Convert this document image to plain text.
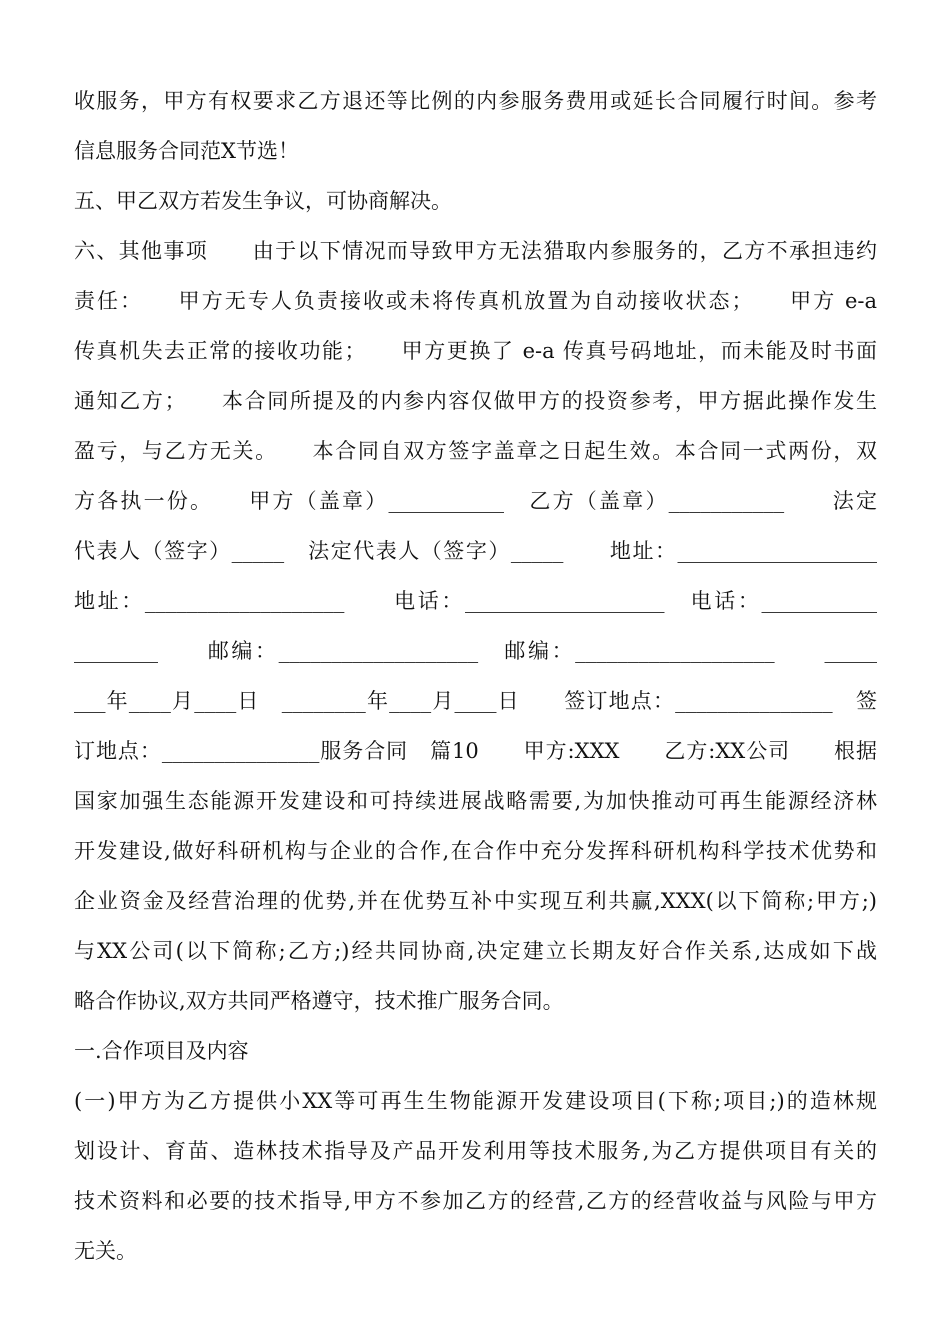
收服务，甲方有权要求乙方退还等比例的内参服务费用或延长合同履行时间。参考
信息服务合同范X节选！
五、甲乙双方若发生争议，可协商解决。
六、其他事项　　由于以下情况而导致甲方无法猎取内参服务的，乙方不承担违约
责任：　　甲方无专人负责接收或未将传真机放置为自动接收状态；　　甲方 e-a
传真机失去正常的接收功能；　　甲方更换了 e-a 传真号码地址，而未能及时书面
通知乙方；　　本合同所提及的内参内容仅做甲方的投资参考，甲方据此操作发生
盈亏，与乙方无关。　　本合同自双方签字盖章之日起生效。本合同一式两份，双
方各执一份。　　甲方（盖章）___________　乙方（盖章）___________　　法定
代表人（签字）_____　法定代表人（签字）_____　　地址：___________________
地址：___________________　　电话：___________________　电话：___________
________　　邮编：___________________　邮编：___________________　　_____
___年____月____日　________年____月____日　　签订地点：_______________　签
订地点：_______________服务合同　篇10　　甲方:XXX　　乙方:XX公司　　根据
国家加强生态能源开发建设和可持续进展战略需要,为加快推动可再生能源经济林
开发建设,做好科研机构与企业的合作,在合作中充分发挥科研机构科学技术优势和
企业资金及经营治理的优势,并在优势互补中实现互利共赢,XXX(以下简称;甲方;)
与XX公司(以下简称;乙方;)经共同协商,决定建立长期友好合作关系,达成如下战
略合作协议,双方共同严格遵守，技术推广服务合同。
一.合作项目及内容
(一)甲方为乙方提供小XX等可再生生物能源开发建设项目(下称;项目;)的造林规
划设计、育苗、造林技术指导及产品开发利用等技术服务,为乙方提供项目有关的
技术资料和必要的技术指导,甲方不参加乙方的经营,乙方的经营收益与风险与甲方
无关。
